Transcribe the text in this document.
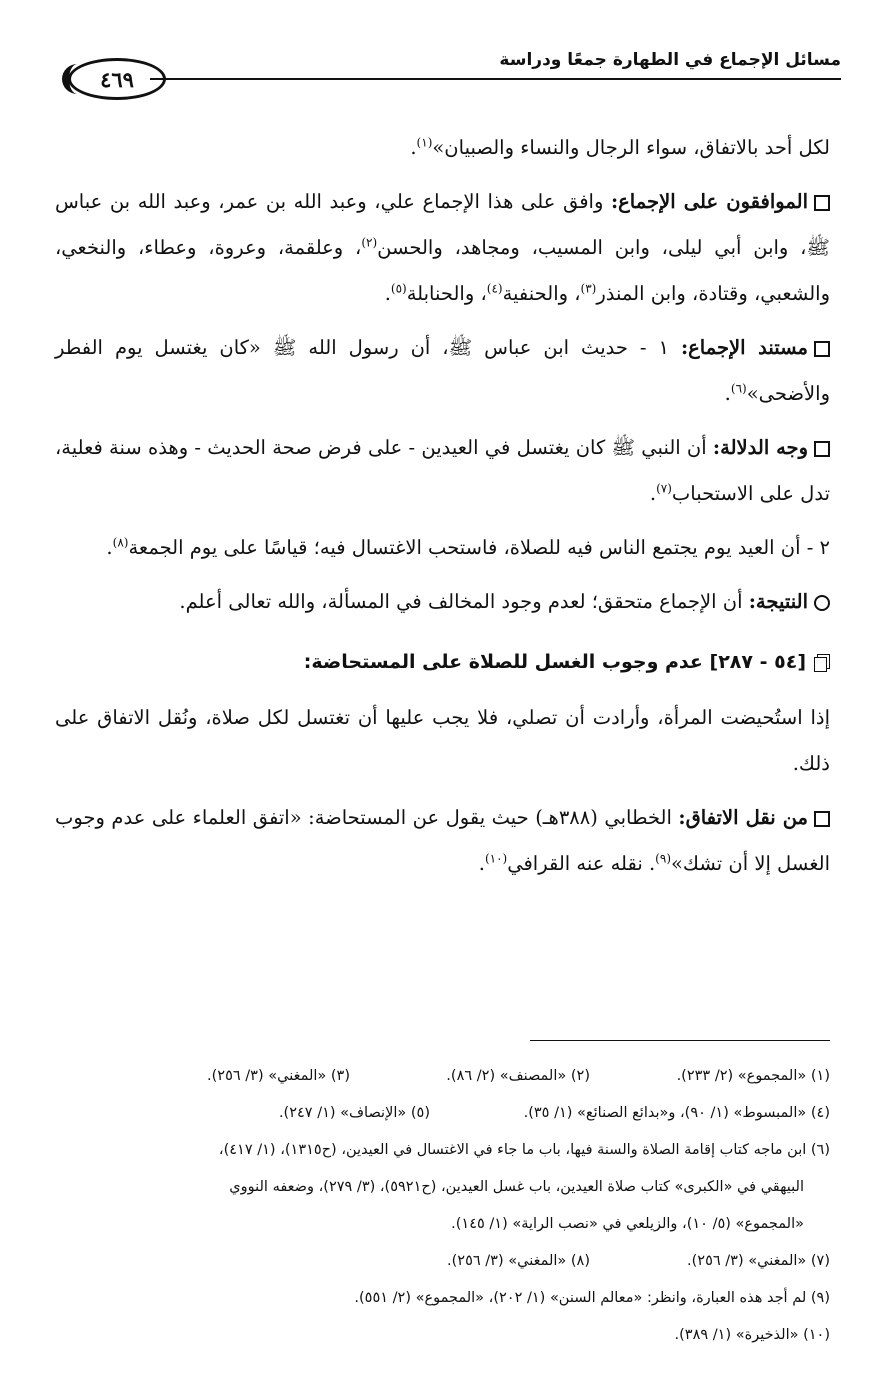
مسائل الإجماع في الطهارة جمعًا ودراسة
٤٦٩

لكل أحد بالاتفاق، سواء الرجال والنساء والصبيان»$^{(١)}$.

الموافقون على الإجماع: وافق على هذا الإجماع علي، وعبد الله بن عمر، وعبد الله بن عباس ﷺ، وابن أبي ليلى، وابن المسيب، ومجاهد، والحسن$^{(٢)}$، وعلقمة، وعروة، وعطاء، والنخعي، والشعبي، وقتادة، وابن المنذر$^{(٣)}$، والحنفية$^{(٤)}$، والحنابلة$^{(٥)}$.

مستند الإجماع: ١ - حديث ابن عباس ﷺ، أن رسول الله ﷺ «كان يغتسل يوم الفطر والأضحى»$^{(٦)}$.

وجه الدلالة: أن النبي ﷺ كان يغتسل في العيدين - على فرض صحة الحديث - وهذه سنة فعلية، تدل على الاستحباب$^{(٧)}$.

٢ - أن العيد يوم يجتمع الناس فيه للصلاة، فاستحب الاغتسال فيه؛ قياسًا على يوم الجمعة$^{(٨)}$.

النتيجة: أن الإجماع متحقق؛ لعدم وجود المخالف في المسألة، والله تعالى أعلم.

[٥٤ - ٢٨٧] عدم وجوب الغسل للصلاة على المستحاضة:

إذا استُحيضت المرأة، وأرادت أن تصلي، فلا يجب عليها أن تغتسل لكل صلاة، ونُقل الاتفاق على ذلك.

من نقل الاتفاق: الخطابي (٣٨٨هـ) حيث يقول عن المستحاضة: «اتفق العلماء على عدم وجوب الغسل إلا أن تشك»$^{(٩)}$. نقله عنه القرافي$^{(١٠)}$.

(١) «المجموع» (٢/ ٢٣٣).
(٢) «المصنف» (٢/ ٨٦).
(٣) «المغني» (٣/ ٢٥٦).
(٤) «المبسوط» (١/ ٩٠)، و«بدائع الصنائع» (١/ ٣٥).
(٥) «الإنصاف» (١/ ٢٤٧).
(٦) ابن ماجه كتاب إقامة الصلاة والسنة فيها، باب ما جاء في الاغتسال في العيدين، (ح١٣١٥)، (١/ ٤١٧)،
البيهقي في «الكبرى» كتاب صلاة العيدين، باب غسل العيدين، (ح٥٩٢١)، (٣/ ٢٧٩)، وضعفه النووي
«المجموع» (٥/ ١٠)، والزيلعي في «نصب الراية» (١/ ١٤٥).
(٧) «المغني» (٣/ ٢٥٦).
(٨) «المغني» (٣/ ٢٥٦).
(٩) لم أجد هذه العبارة، وانظر: «معالم السنن» (١/ ٢٠٢)، «المجموع» (٢/ ٥٥١).
(١٠) «الذخيرة» (١/ ٣٨٩).
